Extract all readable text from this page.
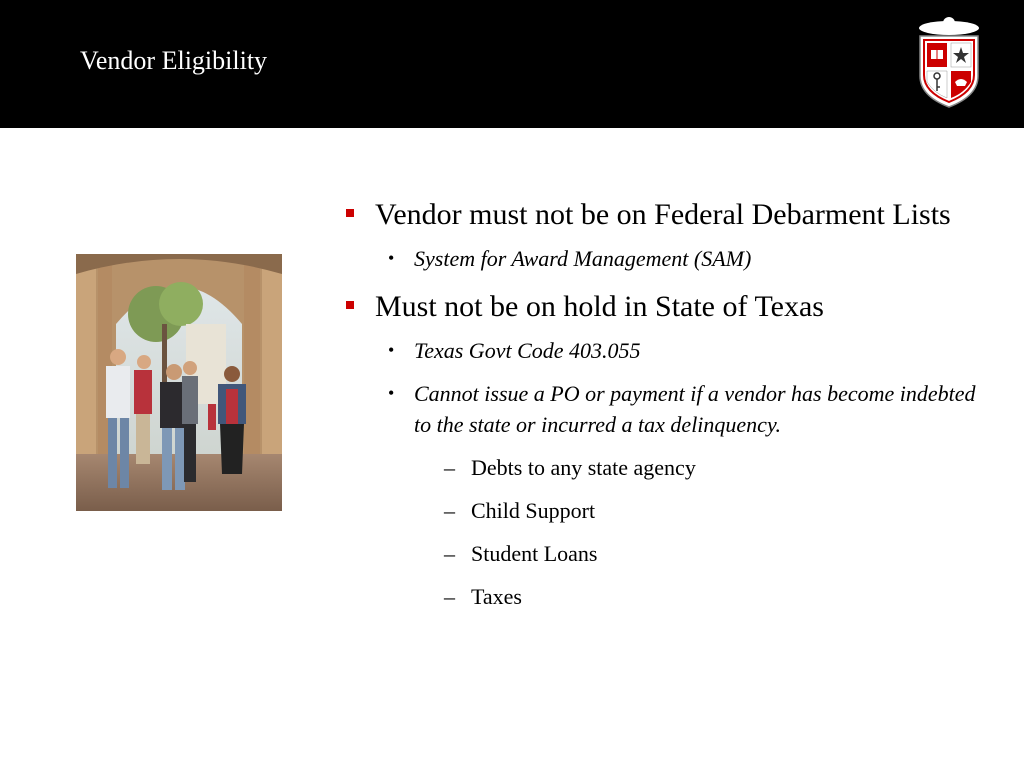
Vendor Eligibility
Vendor must not be on Federal Debarment Lists
• System for Award Management (SAM)
Must not be on hold in State of Texas
• Texas Govt Code 403.055
• Cannot issue a PO or payment if a vendor has become indebted to the state or incurred a tax delinquency.
– Debts to any state agency
– Child Support
– Student Loans
– Taxes
